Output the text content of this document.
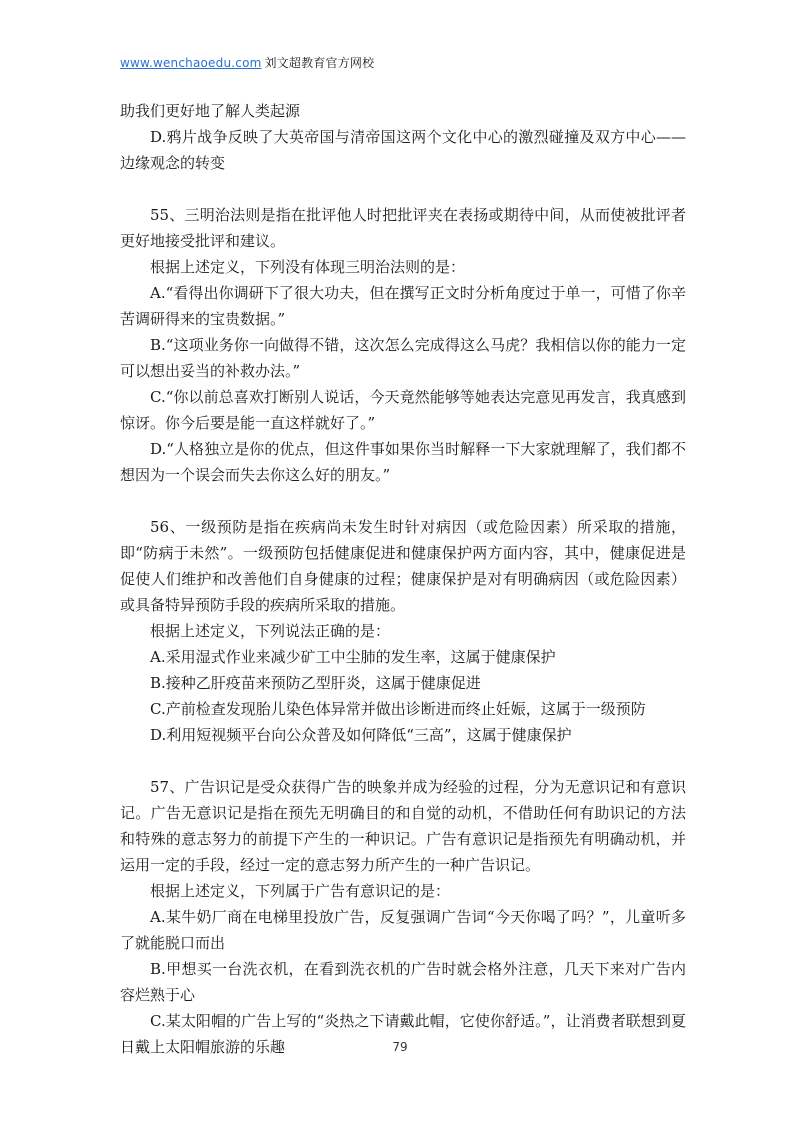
www.wenchaoedu.com 刘文超教育官方网校

助我们更好地了解人类起源

D.鸦片战争反映了大英帝国与清帝国这两个文化中心的激烈碰撞及双方中心——边缘观念的转变

55、三明治法则是指在批评他人时把批评夹在表扬或期待中间，从而使被批评者更好地接受批评和建议。

根据上述定义，下列没有体现三明治法则的是：

A.“看得出你调研下了很大功夫，但在撰写正文时分析角度过于单一，可惜了你辛苦调研得来的宝贵数据。”

B.“这项业务你一向做得不错，这次怎么完成得这么马虎？我相信以你的能力一定可以想出妥当的补救办法。”

C.“你以前总喜欢打断别人说话，今天竟然能够等她表达完意见再发言，我真感到惊讶。你今后要是能一直这样就好了。”

D.“人格独立是你的优点，但这件事如果你当时解释一下大家就理解了，我们都不想因为一个误会而失去你这么好的朋友。”

56、一级预防是指在疾病尚未发生时针对病因（或危险因素）所采取的措施，即“防病于未然”。一级预防包括健康促进和健康保护两方面内容，其中，健康促进是促使人们维护和改善他们自身健康的过程；健康保护是对有明确病因（或危险因素）或具备特异预防手段的疾病所采取的措施。

根据上述定义，下列说法正确的是：

A.采用湿式作业来减少矿工中尘肺的发生率，这属于健康保护

B.接种乙肝疫苗来预防乙型肝炎，这属于健康促进

C.产前检查发现胎儿染色体异常并做出诊断进而终止妊娠，这属于一级预防

D.利用短视频平台向公众普及如何降低“三高”，这属于健康保护

57、广告识记是受众获得广告的映象并成为经验的过程，分为无意识记和有意识记。广告无意识记是指在预先无明确目的和自觉的动机，不借助任何有助识记的方法和特殊的意志努力的前提下产生的一种识记。广告有意识记是指预先有明确动机，并运用一定的手段，经过一定的意志努力所产生的一种广告识记。

根据上述定义，下列属于广告有意识记的是：

A.某牛奶厂商在电梯里投放广告，反复强调广告词“今天你喝了吗？”，儿童听多了就能脱口而出

B.甲想买一台洗衣机，在看到洗衣机的广告时就会格外注意，几天下来对广告内容烂熟于心

C.某太阳帽的广告上写的“炎热之下请戴此帽，它使你舒适。”，让消费者联想到夏日戴上太阳帽旅游的乐趣	79
